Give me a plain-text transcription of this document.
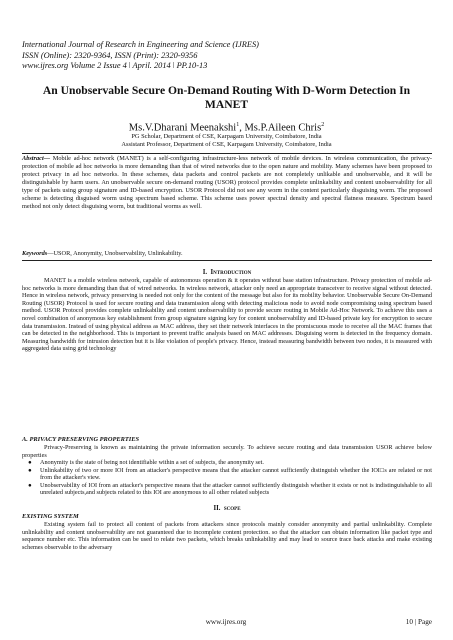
International Journal of Research in Engineering and Science (IJRES)
ISSN (Online): 2320-9364, ISSN (Print): 2320-9356
www.ijres.org Volume 2 Issue 4 ǀ April. 2014 ǀ PP.10-13
An Unobservable Secure On-Demand Routing With D-Worm Detection In MANET
Ms.V.Dharani Meenakshi$^1$, Ms.P.Aileen Chris$^2$
PG Scholar, Department of CSE, Karpagam University, Coimbatore, India
Assistant Professor, Department of CSE, Karpagam University, Coimbatore, India
Abstract— Mobile ad-hoc network (MANET) is a self-configuring infrastructure-less network of mobile devices. In wireless communication, the privacy-protection of mobile ad hoc networks is more demanding than that of wired networks due to the open nature and mobility. Many schemes have been proposed to protect privacy in ad hoc networks. In these schemes, data packets and control packets are not completely unlikable and unobservable, and it will be distinguishable by harm users. An unobservable secure on-demand routing (USOR) protocol provides complete unlinkability and content unobservability for all type of packets using group signature and ID-based encryption. USOR Protocol did not see any worm in the content particularly disguising worm. The proposed scheme is detecting disguised worm using spectrum based scheme. This scheme uses power spectral density and spectral flatness measure. Spectrum based method not only detect disguising worm, but traditional worms as well.
Keywords—USOR, Anonymity, Unobservability, Unlinkability.
I. Introduction
MANET is a mobile wireless network, capable of autonomous operation & it operates without base station infrastructure. Privacy protection of mobile ad-hoc networks is more demanding than that of wired networks. In wireless network, attacker only need an appropriate transceiver to receive signal without detected. Hence in wireless network, privacy preserving is needed not only for the content of the message but also for its mobility behavior. Unobservable Secure On-Demand Routing (USOR) Protocol is used for secure routing and data transmission along with detecting malicious node to avoid node compromising using spectrum based method. USOR Protocol provides complete unlinkability and content unobservability to provide secure routing in Mobile Ad-Hoc Network. To achieve this uses a novel combination of anonymous key establishment from group signature signing key for content unobservability and ID-based private key for encryption to secure data transmission. Instead of using physical address as MAC address, they set their network interfaces in the promiscuous mode to receive all the MAC frames that can be detected in the neighborhood. This is important to prevent traffic analysis based on MAC addresses. Disguising worm is detected in the frequency domain. Measuring bandwidth for intrusion detection but it is like violation of people's privacy. Hence, instead measuring bandwidth between two nodes, it is measured with aggregated data using grid technology
A. PRIVACY PRESERVING PROPERTIES
Privacy-Preserving is known as maintaining the private information securely. To achieve secure routing and data transmission USOR achieve below properties
● Anonymity is the state of being not identifiable within a set of subjects, the anonymity set.
● Unlinkability of two or more IOI from an attacker's perspective means that the attacker cannot sufficiently distinguish whether the IOI□s are related or not from the attacker's view.
● Unobservability of IOI from an attacker's perspective means that the attacker cannot sufficiently distinguish whether it exists or not is indistinguishable to all unrelated subjects,and subjects related to this IOI are anonymous to all other related subjects
II. scope
EXISTING SYSTEM
Existing system fail to protect all content of packets from attackers since protocols mainly consider anonymity and partial unlinkability. Complete unlinkability and content unobservability are not guaranteed due to incomplete content protection. so that the attacker can obtain information like packet type and sequence number etc. This information can be used to relate two packets, which breaks unlinkability and may lead to source trace back attacks and make existing schemes observable to the adversary
www.ijres.org	10 | Page
